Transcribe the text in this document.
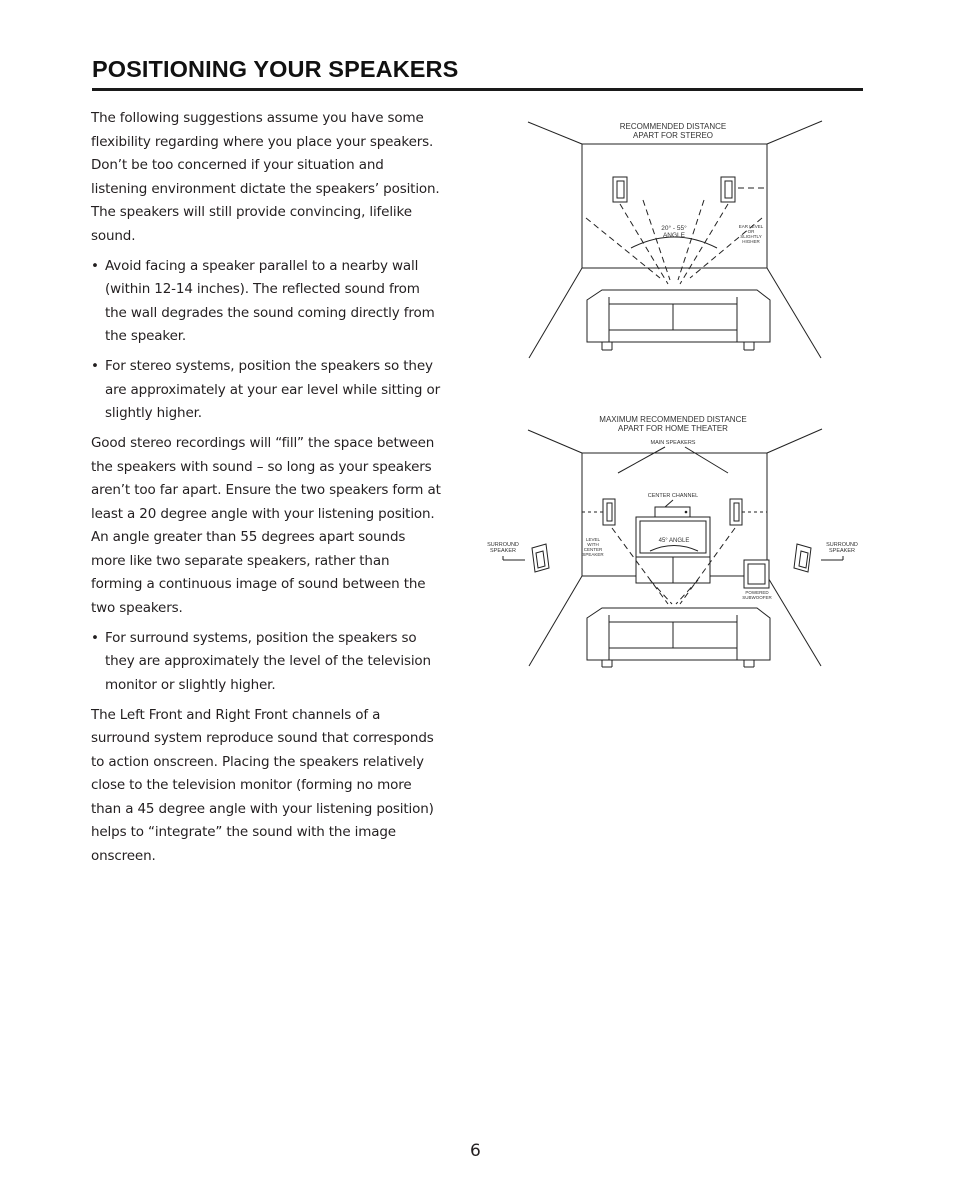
POSITIONING YOUR SPEAKERS

The following suggestions assume you have some flexibility regarding where you place your speakers. Don’t be too concerned if your situation and listening environment dictate the speakers’ position. The speakers will still provide convincing, lifelike sound.

• Avoid facing a speaker parallel to a nearby wall (within 12-14 inches). The reflected sound from the wall degrades the sound coming directly from the speaker.
• For stereo systems, position the speakers so they are approximately at your ear level while sitting or slightly higher.

Good stereo recordings will “fill” the space between the speakers with sound – so long as your speakers aren’t too far apart. Ensure the two speakers form at least a 20 degree angle with your listening position. An angle greater than 55 degrees apart sounds more like two separate speakers, rather than forming a continuous image of sound between the two speakers.

• For surround systems, position the speakers so they are approximately the level of the television monitor or slightly higher.

The Left Front and Right Front channels of a surround system reproduce sound that corresponds to action onscreen. Placing the speakers relatively close to the television monitor (forming no more than a 45 degree angle with your listening position) helps to “integrate” the sound with the image onscreen.

RECOMMENDED DISTANCE
APART FOR STEREO
20° - 55°
ANGLE
EAR LEVEL
OR
SLIGHTLY
HIGHER
MAXIMUM RECOMMENDED DISTANCE
APART FOR HOME THEATER
MAIN SPEAKERS
CENTER CHANNEL
45° ANGLE
LEVEL
WITH
CENTER
SPEAKER
SURROUND
SPEAKER
SURROUND
SPEAKER
POWERED
SUBWOOFER
6
